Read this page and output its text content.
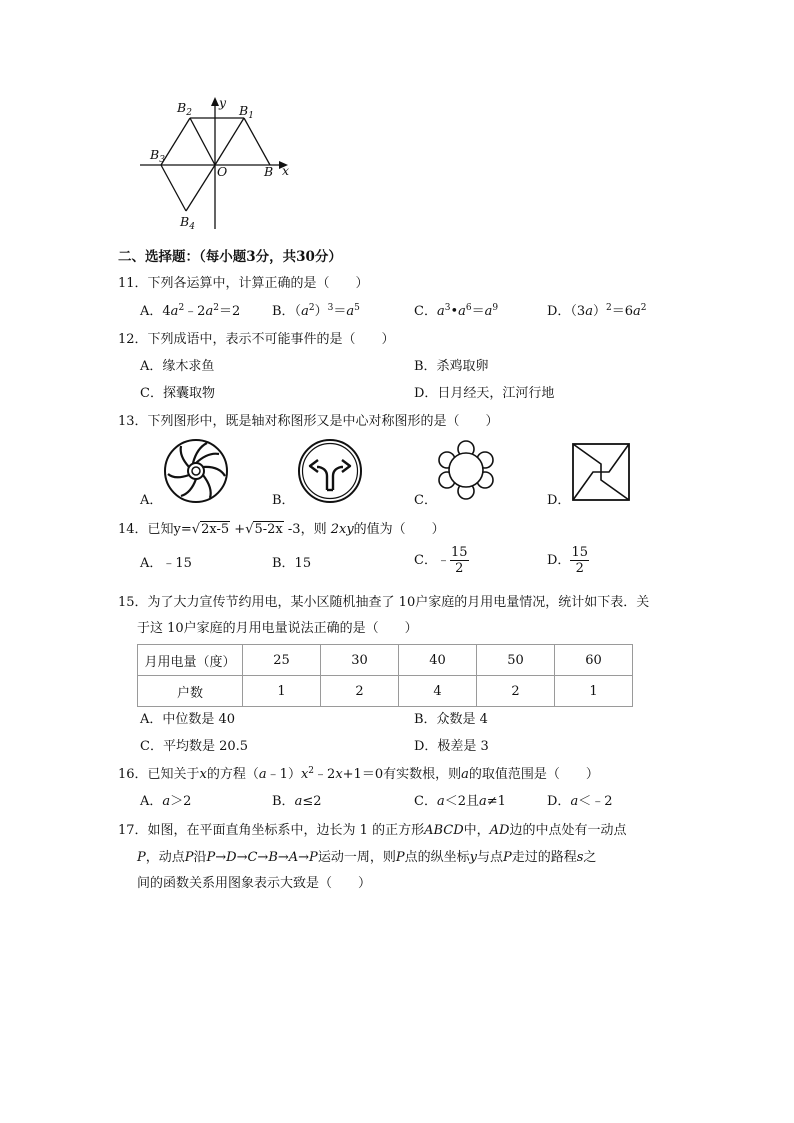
$B_2$	$B_1$
y
$B_3$
O	B x
$B_4$
二、选择题：（每小题3分，共30分）
11．下列各运算中，计算正确的是（　　）
A．$4a^2﹣2a^2=2$ B．$(a^2)^3=a^5$	C．$a^3•a^6=a^9$	D．$(3a)^2=6a^2$
12．下列成语中，表示不可能事件的是（　　）
A．缘木求鱼	B．杀鸡取卵
C．探囊取物	D．日月经天，江河行地
13．下列图形中，既是轴对称图形又是中心对称图形的是（　　）
A．	B．	C．	D．
14．已知y=√2x-5 +√5-2x -3，则 2xy的值为（　　）
A．﹣15	B．15	C．﹣ $\frac{15}{2}$	D． $\frac{15}{2}$
15．为了大力宣传节约用电，某小区随机抽查了 10户家庭的月用电量情况，统计如下表．关
于这 10户家庭的月用电量说法正确的是（　　）
月用电量（度）	25	30	40	50	60
户数	1	2	4	2	1
A．中位数是 40	B．众数是 4
C．平均数是 20.5	D．极差是 3
16．已知关于x的方程$(a﹣1)x^2﹣2x+1=0$有实数根，则a的取值范围是（　　）
A．a＞2	B．a≤2	C．a＜2且a≠1	D．a＜﹣2
17．如图，在平面直角坐标系中，边长为 1 的正方形ABCD中，AD边的中点处有一动点
P，动点P沿P→D→C→B→A→P运动一周，则P点的纵坐标y与点P走过的路程s之
间的函数关系用图象表示大致是（　　）
